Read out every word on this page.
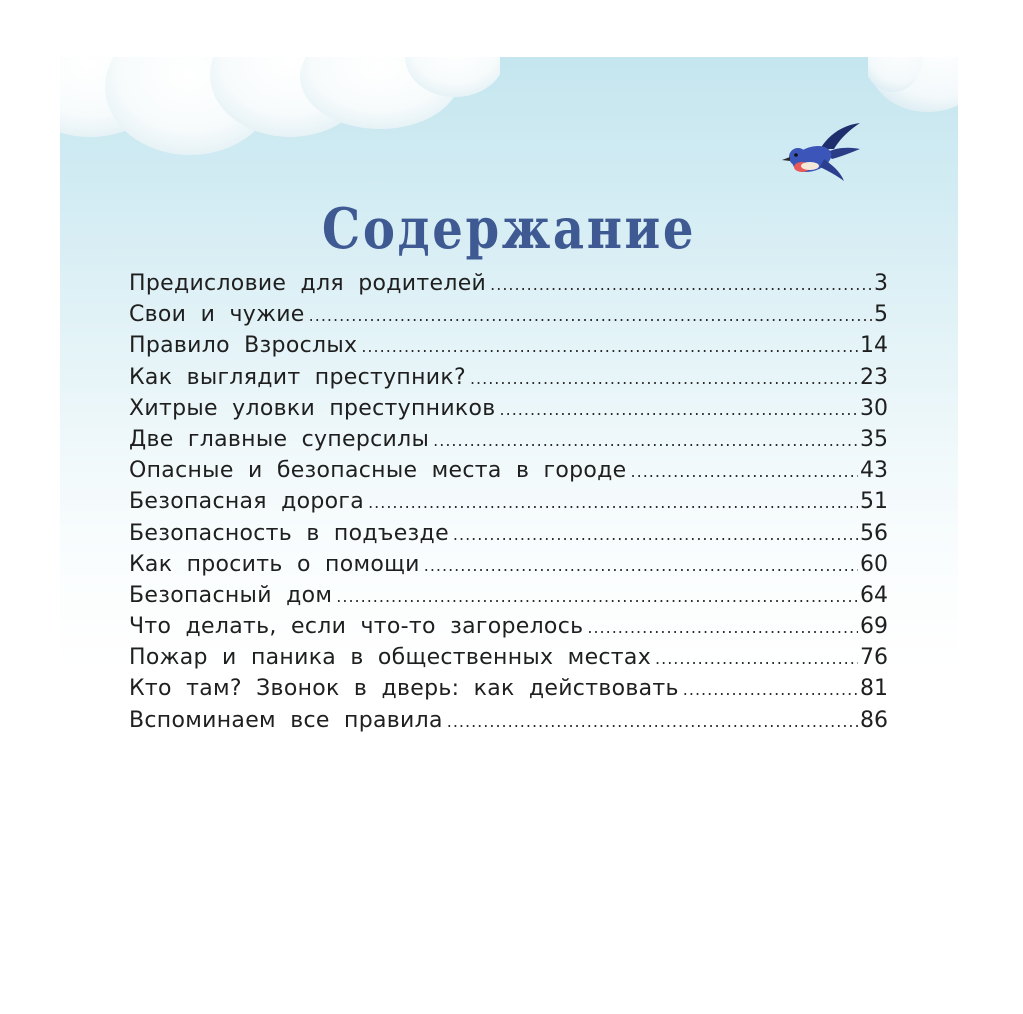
Содержание
Предисловие для родителей .....	3
Свои и чужие .....	5
Правило Взрослых .....	14
Как выглядит преступник? .....	23
Хитрые уловки преступников .....	30
Две главные суперсилы .....	35
Опасные и безопасные места в городе .....	43
Безопасная дорога .....	51
Безопасность в подъезде .....	56
Как просить о помощи .....	60
Безопасный дом .....	64
Что делать, если что-то загорелось .....	69
Пожар и паника в общественных местах .....	76
Кто там? Звонок в дверь: как действовать .....	81
Вспоминаем все правила .....	86
